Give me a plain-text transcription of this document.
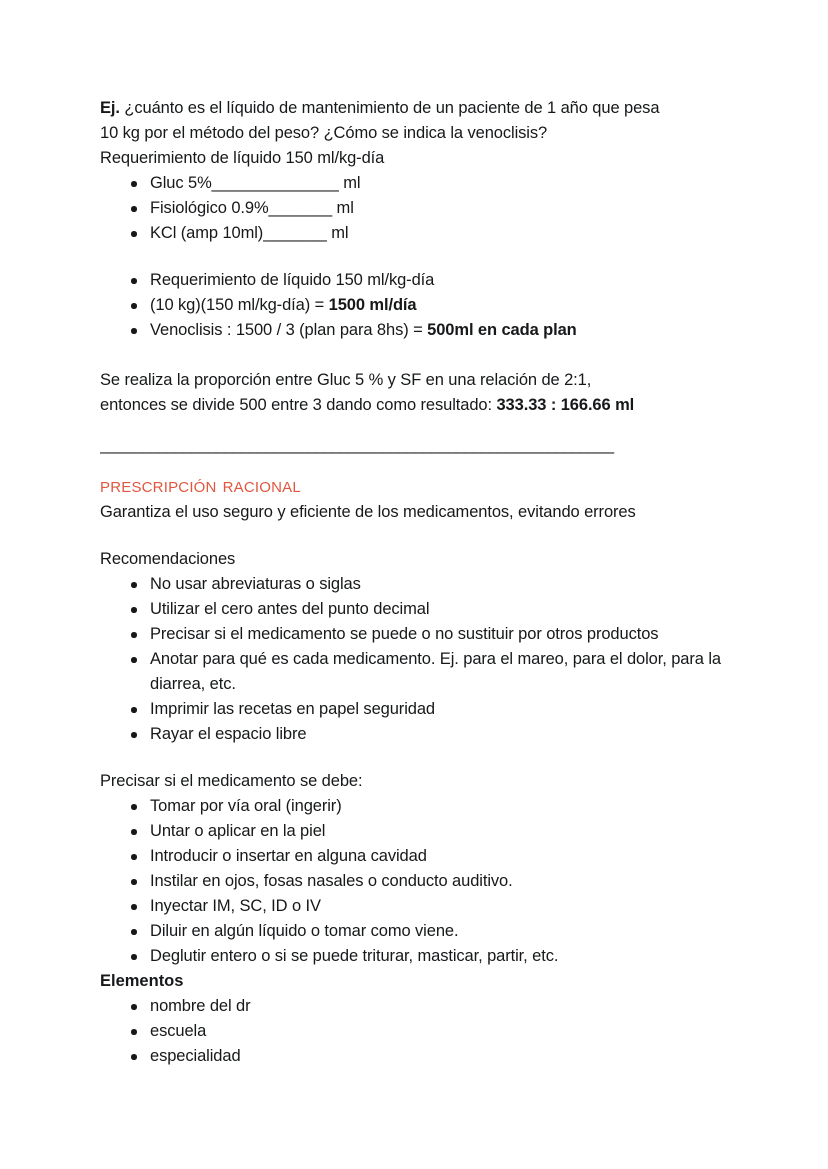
Ej. ¿cuánto es el líquido de mantenimiento de un paciente de 1 año que pesa
10 kg por el método del peso? ¿Cómo se indica la venoclisis?

Requerimiento de líquido 150 ml/kg-día

Gluc 5%______________ ml
Fisiológico 0.9%_______ ml
KCl (amp 10ml)_______ ml
Requerimiento de líquido 150 ml/kg-día
(10 kg)(150 ml/kg-día) = 1500 ml/día
Venoclisis : 1500 / 3 (plan para 8hs) = 500ml en cada plan

Se realiza la proporción entre Gluc 5 % y SF en una relación de 2:1,
entonces se divide 500 entre 3 dando como resultado: 333.33 : 166.66 ml

______________________________________________________________
prescripción racional

Garantiza el uso seguro y eficiente de los medicamentos, evitando errores

Recomendaciones

No usar abreviaturas o siglas
Utilizar el cero antes del punto decimal
Precisar si el medicamento se puede o no sustituir por otros productos
Anotar para qué es cada medicamento. Ej. para el mareo, para el dolor, para la diarrea, etc.
Imprimir las recetas en papel seguridad
Rayar el espacio libre

Precisar si el medicamento se debe:

Tomar por vía oral (ingerir)
Untar o aplicar en la piel
Introducir o insertar en alguna cavidad
Instilar en ojos, fosas nasales o conducto auditivo.
Inyectar IM, SC, ID o IV
Diluir en algún líquido o tomar como viene.
Deglutir entero o si se puede triturar, masticar, partir, etc.

Elementos

nombre del dr
escuela
especialidad
